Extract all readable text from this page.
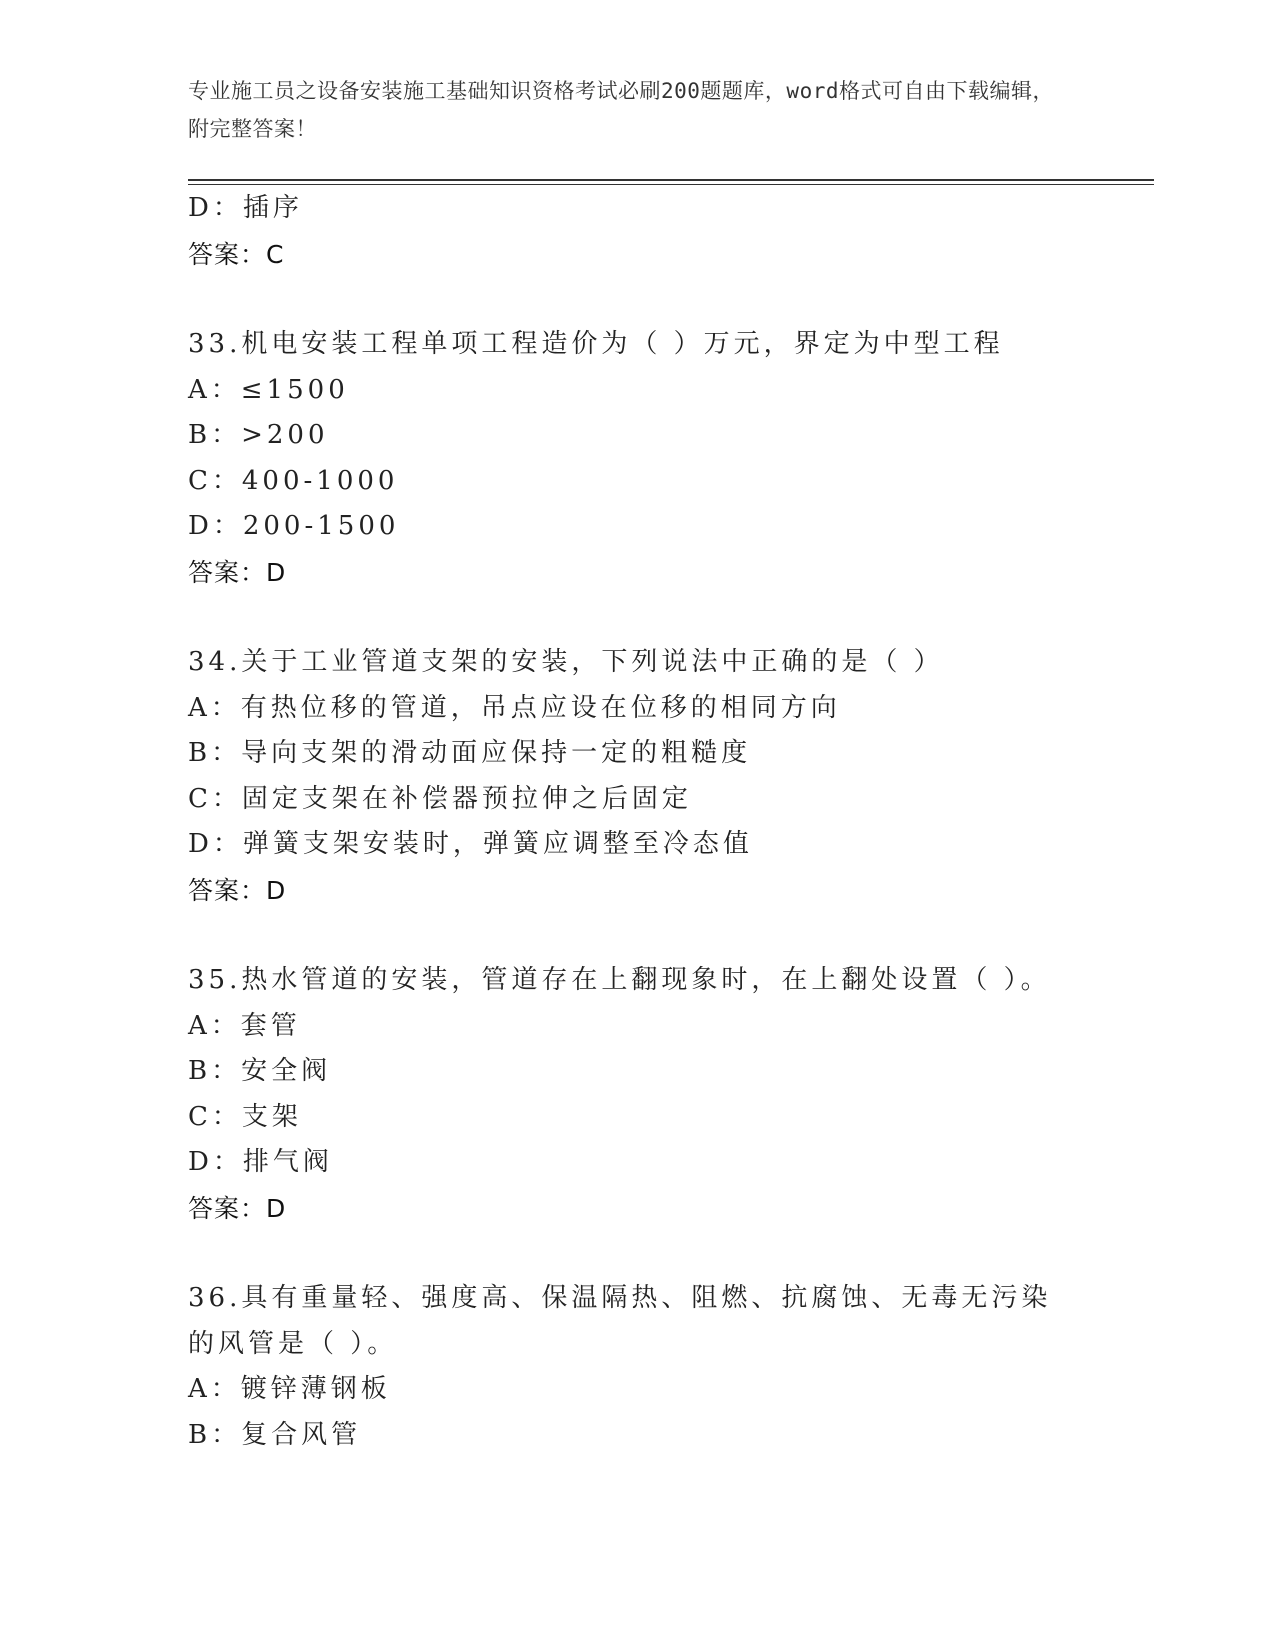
专业施工员之设备安装施工基础知识资格考试必刷200题题库，word格式可自由下载编辑，附完整答案！
D：插序
答案：C
33.机电安装工程单项工程造价为（ ）万元，界定为中型工程
A：≤1500
B：>200
C：400-1000
D：200-1500
答案：D
34.关于工业管道支架的安装，下列说法中正确的是（ ）
A：有热位移的管道，吊点应设在位移的相同方向
B：导向支架的滑动面应保持一定的粗糙度
C：固定支架在补偿器预拉伸之后固定
D：弹簧支架安装时，弹簧应调整至冷态值
答案：D
35.热水管道的安装，管道存在上翻现象时，在上翻处设置（ ）。
A：套管
B：安全阀
C：支架
D：排气阀
答案：D
36.具有重量轻、强度高、保温隔热、阻燃、抗腐蚀、无毒无污染的风管是（ ）。
A：镀锌薄钢板
B：复合风管
